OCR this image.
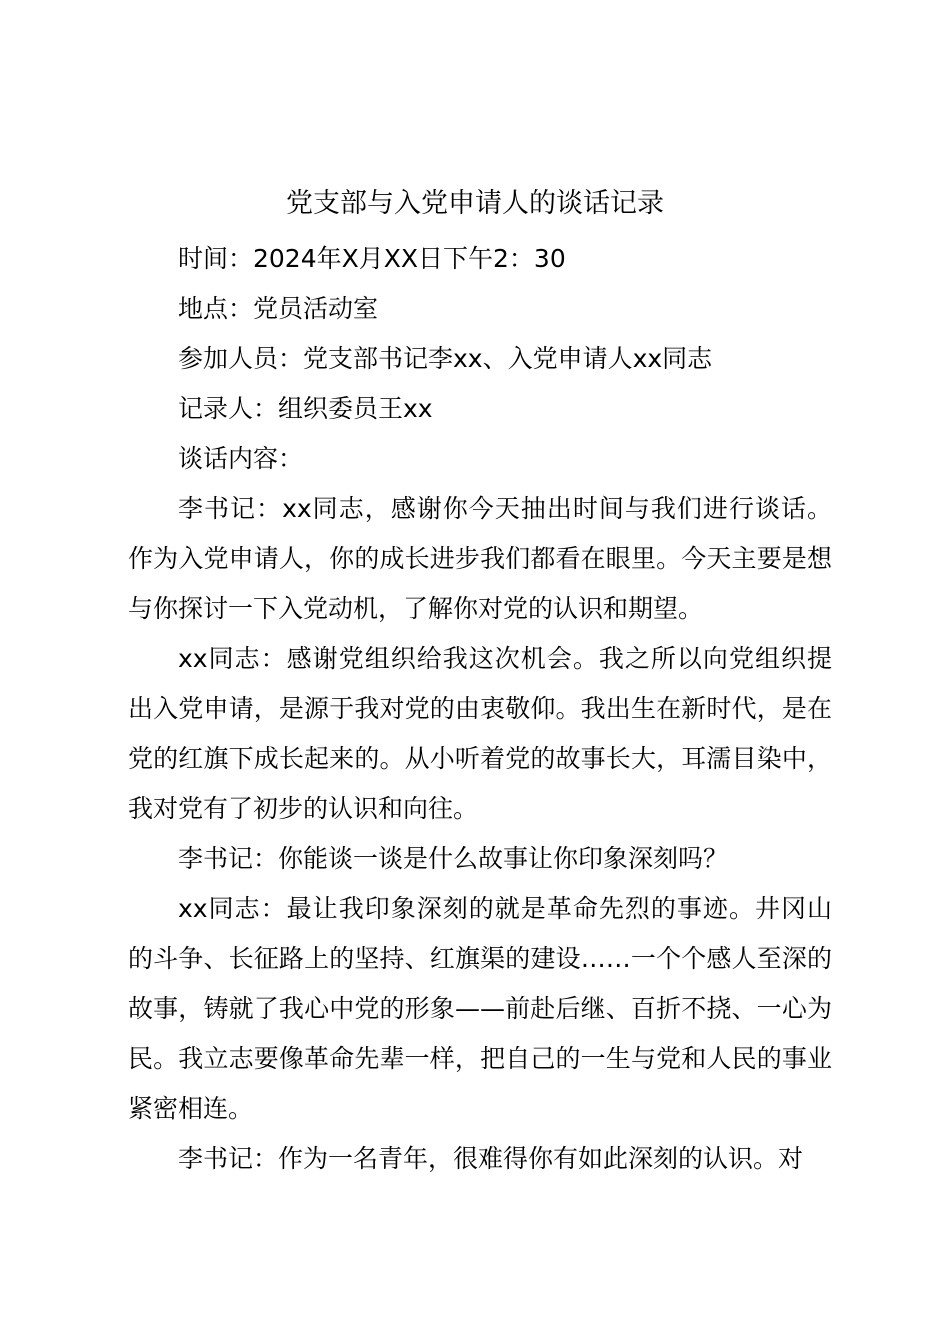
党支部与入党申请人的谈话记录

时间：2024年X月XX日下午2：30

地点：党员活动室

参加人员：党支部书记李xx、入党申请人xx同志

记录人：组织委员王xx

谈话内容：

李书记：xx同志，感谢你今天抽出时间与我们进行谈话。作为入党申请人，你的成长进步我们都看在眼里。今天主要是想与你探讨一下入党动机，了解你对党的认识和期望。

xx同志：感谢党组织给我这次机会。我之所以向党组织提出入党申请，是源于我对党的由衷敬仰。我出生在新时代，是在党的红旗下成长起来的。从小听着党的故事长大，耳濡目染中，我对党有了初步的认识和向往。

李书记：你能谈一谈是什么故事让你印象深刻吗？

xx同志：最让我印象深刻的就是革命先烈的事迹。井冈山的斗争、长征路上的坚持、红旗渠的建设……一个个感人至深的故事，铸就了我心中党的形象——前赴后继、百折不挠、一心为民。我立志要像革命先辈一样，把自己的一生与党和人民的事业紧密相连。

李书记：作为一名青年，很难得你有如此深刻的认识。对
